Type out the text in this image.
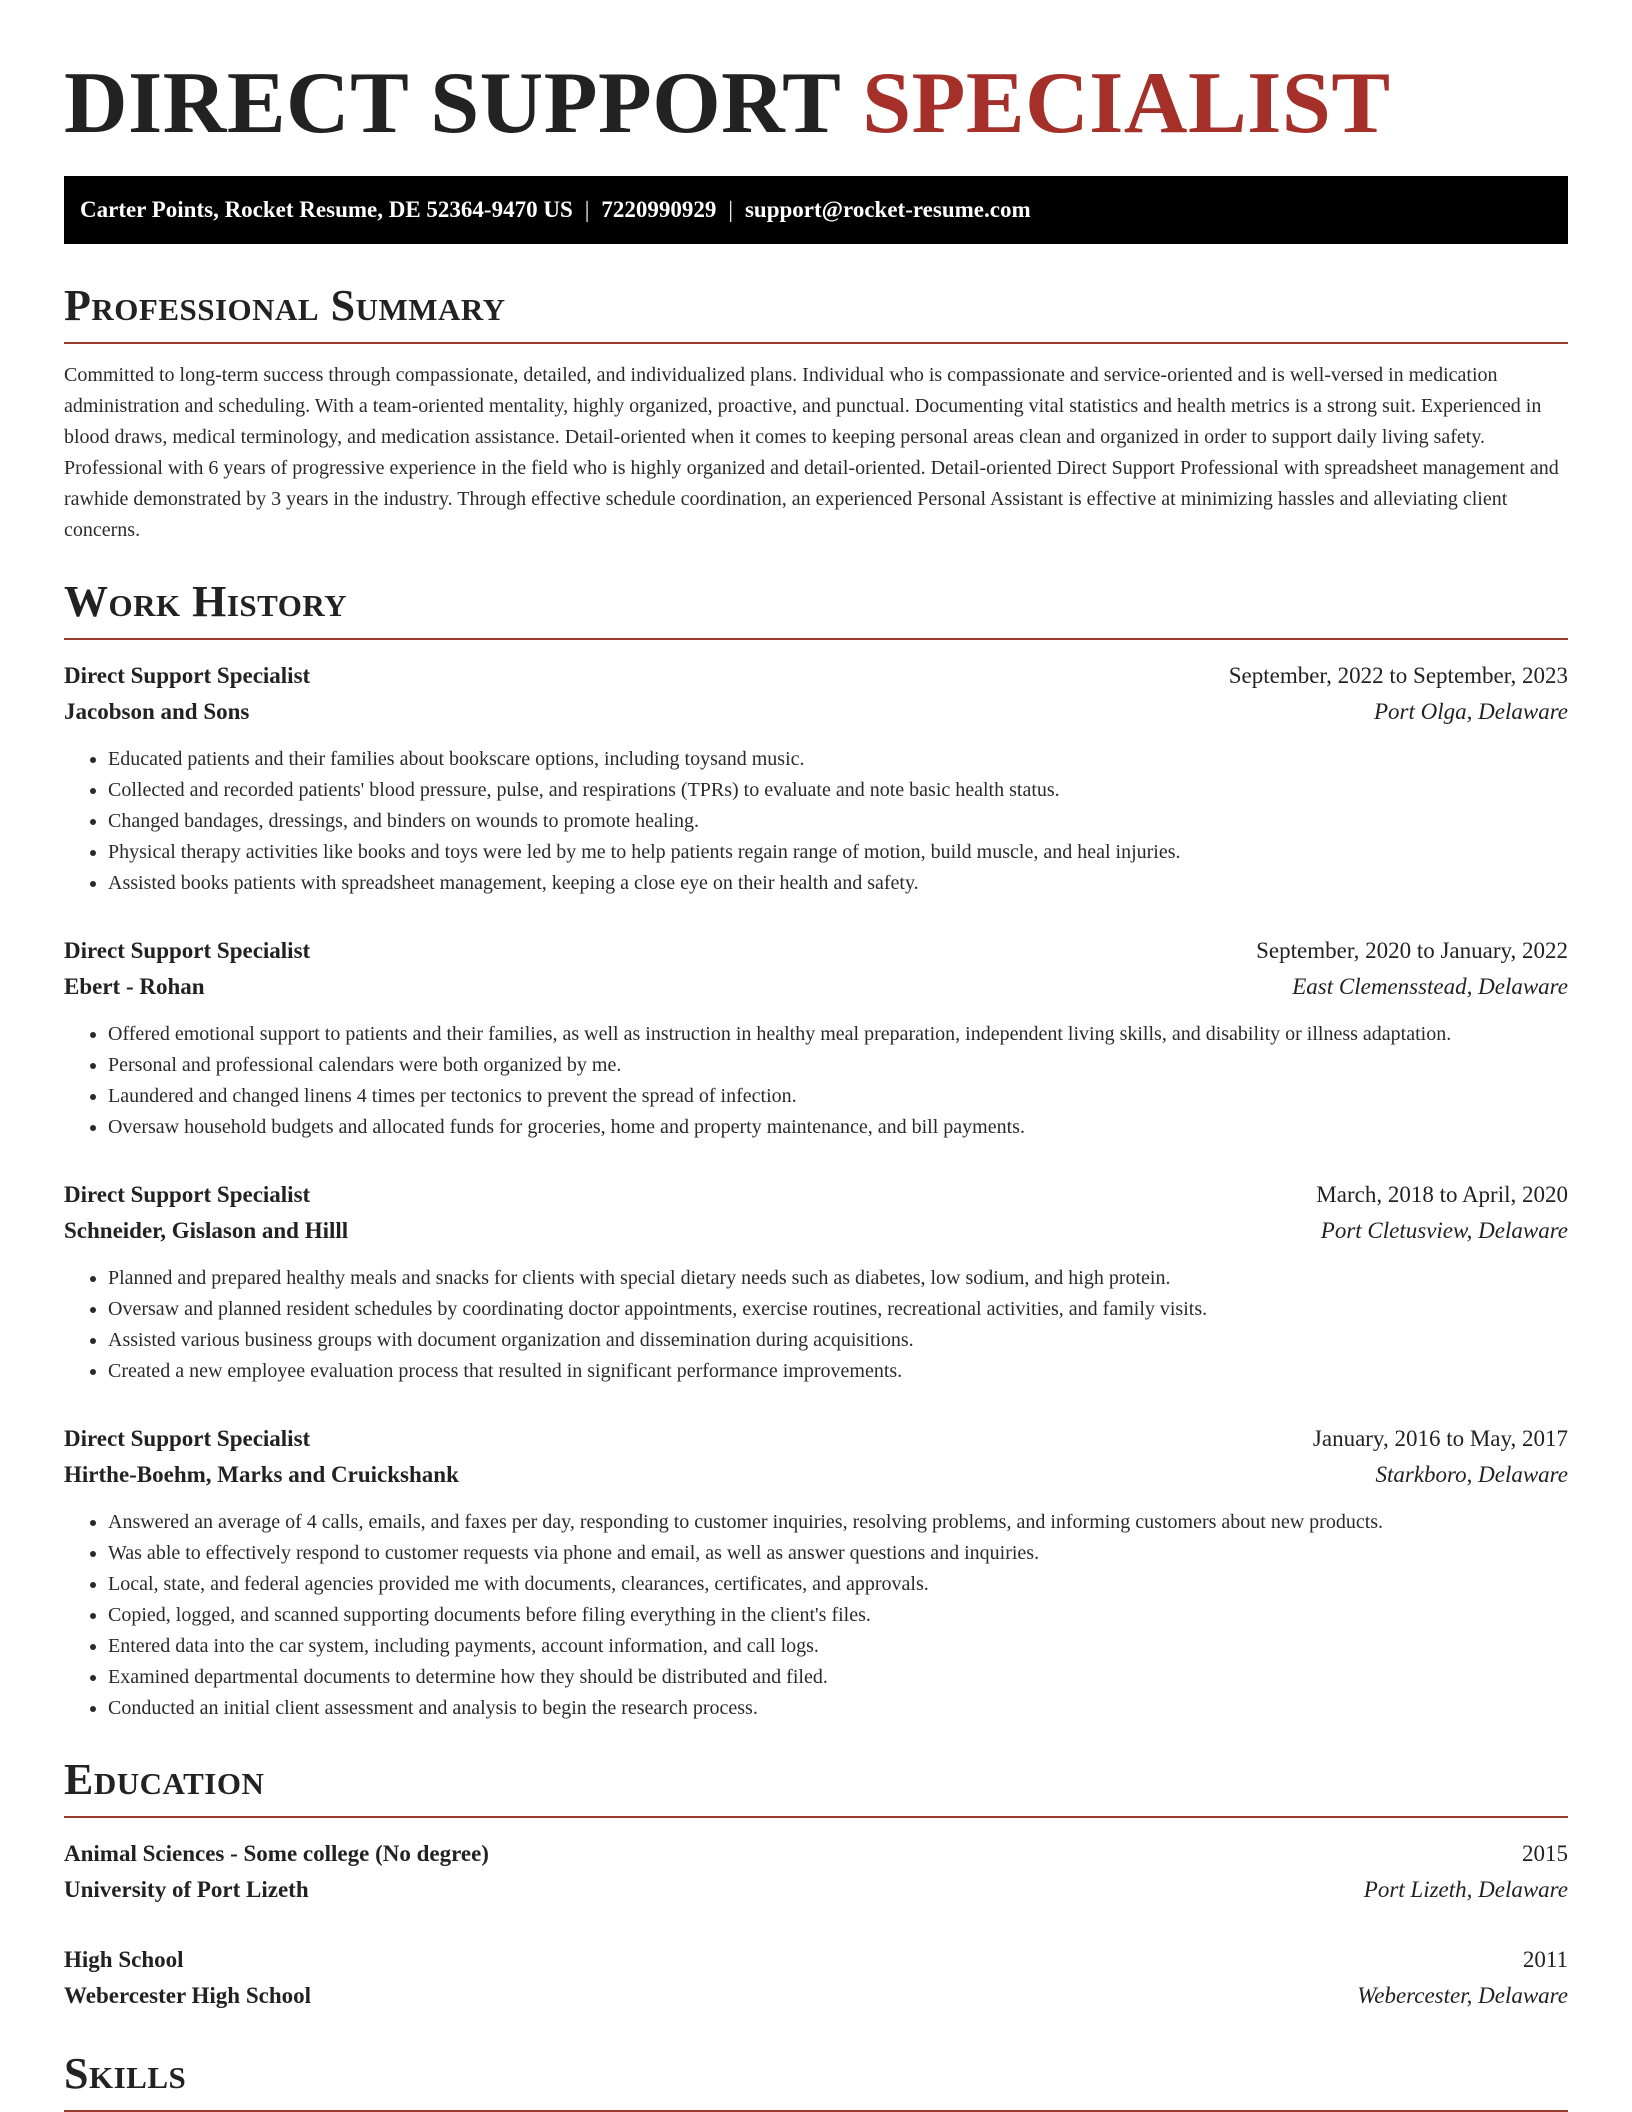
DIRECT SUPPORT SPECIALIST
Carter Points, Rocket Resume, DE 52364-9470 US | 7220990929 | support@rocket-resume.com
Professional Summary

Committed to long-term success through compassionate, detailed, and individualized plans. Individual who is compassionate and service-oriented and is well-versed in medication administration and scheduling. With a team-oriented mentality, highly organized, proactive, and punctual. Documenting vital statistics and health metrics is a strong suit. Experienced in blood draws, medical terminology, and medication assistance. Detail-oriented when it comes to keeping personal areas clean and organized in order to support daily living safety. Professional with 6 years of progressive experience in the field who is highly organized and detail-oriented. Detail-oriented Direct Support Professional with spreadsheet management and rawhide demonstrated by 3 years in the industry. Through effective schedule coordination, an experienced Personal Assistant is effective at minimizing hassles and alleviating client concerns.

Work History
Direct Support Specialist	September, 2022 to September, 2023
Jacobson and Sons	Port Olga, Delaware
• Educated patients and their families about bookscare options, including toysand music.
• Collected and recorded patients' blood pressure, pulse, and respirations (TPRs) to evaluate and note basic health status.
• Changed bandages, dressings, and binders on wounds to promote healing.
• Physical therapy activities like books and toys were led by me to help patients regain range of motion, build muscle, and heal injuries.
• Assisted books patients with spreadsheet management, keeping a close eye on their health and safety.
Direct Support Specialist	September, 2020 to January, 2022
Ebert - Rohan	East Clemensstead, Delaware
• Offered emotional support to patients and their families, as well as instruction in healthy meal preparation, independent living skills, and disability or illness adaptation.
• Personal and professional calendars were both organized by me.
• Laundered and changed linens 4 times per tectonics to prevent the spread of infection.
• Oversaw household budgets and allocated funds for groceries, home and property maintenance, and bill payments.
Direct Support Specialist	March, 2018 to April, 2020
Schneider, Gislason and Hilll	Port Cletusview, Delaware
• Planned and prepared healthy meals and snacks for clients with special dietary needs such as diabetes, low sodium, and high protein.
• Oversaw and planned resident schedules by coordinating doctor appointments, exercise routines, recreational activities, and family visits.
• Assisted various business groups with document organization and dissemination during acquisitions.
• Created a new employee evaluation process that resulted in significant performance improvements.
Direct Support Specialist	January, 2016 to May, 2017
Hirthe-Boehm, Marks and Cruickshank	Starkboro, Delaware
• Answered an average of 4 calls, emails, and faxes per day, responding to customer inquiries, resolving problems, and informing customers about new products.
• Was able to effectively respond to customer requests via phone and email, as well as answer questions and inquiries.
• Local, state, and federal agencies provided me with documents, clearances, certificates, and approvals.
• Copied, logged, and scanned supporting documents before filing everything in the client's files.
• Entered data into the car system, including payments, account information, and call logs.
• Examined departmental documents to determine how they should be distributed and filed.
• Conducted an initial client assessment and analysis to begin the research process.
Education
Animal Sciences - Some college (No degree)	2015
University of Port Lizeth	Port Lizeth, Delaware
High School	2011
Webercester High School	Webercester, Delaware
Skills
